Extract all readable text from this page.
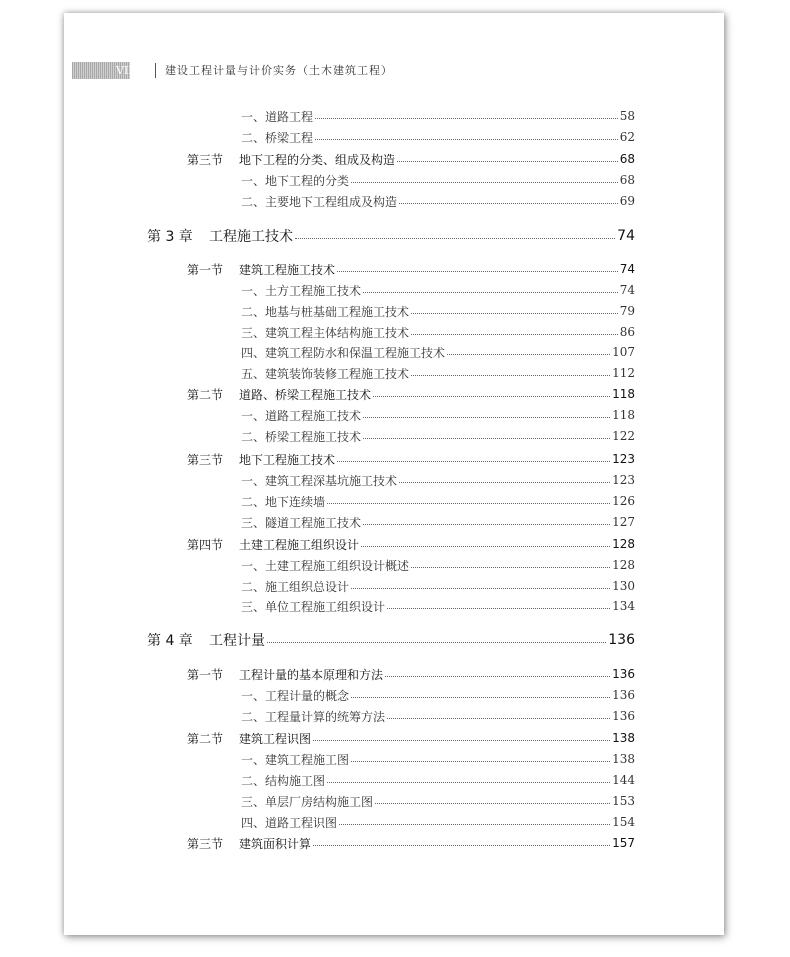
VIII	建设工程计量与计价实务（土木建筑工程）
一、道路工程	58
二、桥梁工程	62
第三节 地下工程的分类、组成及构造	68
一、地下工程的分类	68
二、主要地下工程组成及构造	69
第 3 章 工程施工技术	74
第一节 建筑工程施工技术	74
一、土方工程施工技术	74
二、地基与桩基础工程施工技术	79
三、建筑工程主体结构施工技术	86
四、建筑工程防水和保温工程施工技术	107
五、建筑装饰装修工程施工技术	112
第二节 道路、桥梁工程施工技术	118
一、道路工程施工技术	118
二、桥梁工程施工技术	122
第三节 地下工程施工技术	123
一、建筑工程深基坑施工技术	123
二、地下连续墙	126
三、隧道工程施工技术	127
第四节 土建工程施工组织设计	128
一、土建工程施工组织设计概述	128
二、施工组织总设计	130
三、单位工程施工组织设计	134
第 4 章 工程计量	136
第一节 工程计量的基本原理和方法	136
一、工程计量的概念	136
二、工程量计算的统筹方法	136
第二节 建筑工程识图	138
一、建筑工程施工图	138
二、结构施工图	144
三、单层厂房结构施工图	153
四、道路工程识图	154
第三节 建筑面积计算	157
